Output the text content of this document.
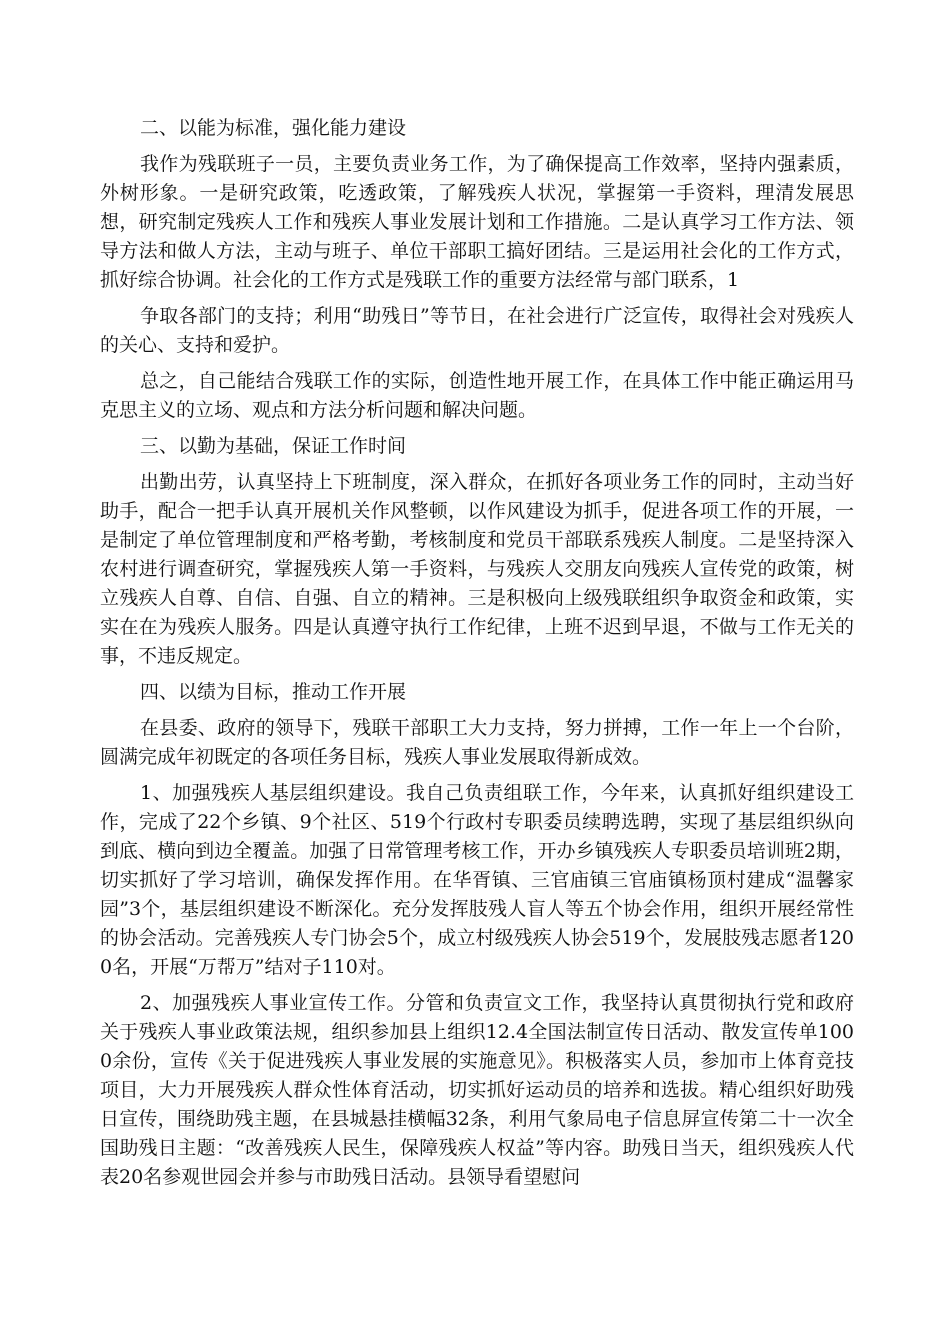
二、以能为标准，强化能力建设

我作为残联班子一员，主要负责业务工作，为了确保提高工作效率，坚持内强素质，外树形象。一是研究政策，吃透政策，了解残疾人状况，掌握第一手资料，理清发展思想，研究制定残疾人工作和残疾人事业发展计划和工作措施。二是认真学习工作方法、领导方法和做人方法，主动与班子、单位干部职工搞好团结。三是运用社会化的工作方式，抓好综合协调。社会化的工作方式是残联工作的重要方法经常与部门联系，1

争取各部门的支持；利用“助残日”等节日，在社会进行广泛宣传，取得社会对残疾人的关心、支持和爱护。

总之，自己能结合残联工作的实际，创造性地开展工作，在具体工作中能正确运用马克思主义的立场、观点和方法分析问题和解决问题。

三、以勤为基础，保证工作时间

出勤出劳，认真坚持上下班制度，深入群众，在抓好各项业务工作的同时，主动当好助手，配合一把手认真开展机关作风整顿，以作风建设为抓手，促进各项工作的开展，一是制定了单位管理制度和严格考勤，考核制度和党员干部联系残疾人制度。二是坚持深入农村进行调查研究，掌握残疾人第一手资料，与残疾人交朋友向残疾人宣传党的政策，树立残疾人自尊、自信、自强、自立的精神。三是积极向上级残联组织争取资金和政策，实实在在为残疾人服务。四是认真遵守执行工作纪律，上班不迟到早退，不做与工作无关的事，不违反规定。

四、以绩为目标，推动工作开展

在县委、政府的领导下，残联干部职工大力支持，努力拼搏，工作一年上一个台阶，圆满完成年初既定的各项任务目标，残疾人事业发展取得新成效。

1、加强残疾人基层组织建设。我自己负责组联工作，今年来，认真抓好组织建设工作，完成了22个乡镇、9个社区、519个行政村专职委员续聘选聘，实现了基层组织纵向到底、横向到边全覆盖。加强了日常管理考核工作，开办乡镇残疾人专职委员培训班2期，切实抓好了学习培训，确保发挥作用。在华胥镇、三官庙镇三官庙镇杨顶村建成“温馨家园”3个，基层组织建设不断深化。充分发挥肢残人盲人等五个协会作用，组织开展经常性的协会活动。完善残疾人专门协会5个，成立村级残疾人协会519个，发展肢残志愿者1200名，开展“万帮万”结对子110对。

2、加强残疾人事业宣传工作。分管和负责宣文工作，我坚持认真贯彻执行党和政府关于残疾人事业政策法规，组织参加县上组织12.4全国法制宣传日活动、散发宣传单1000余份，宣传《关于促进残疾人事业发展的实施意见》。积极落实人员，参加市上体育竞技项目，大力开展残疾人群众性体育活动，切实抓好运动员的培养和选拔。精心组织好助残日宣传，围绕助残主题，在县城悬挂横幅32条，利用气象局电子信息屏宣传第二十一次全国助残日主题：“改善残疾人民生，保障残疾人权益”等内容。助残日当天，组织残疾人代表20名参观世园会并参与市助残日活动。县领导看望慰问
